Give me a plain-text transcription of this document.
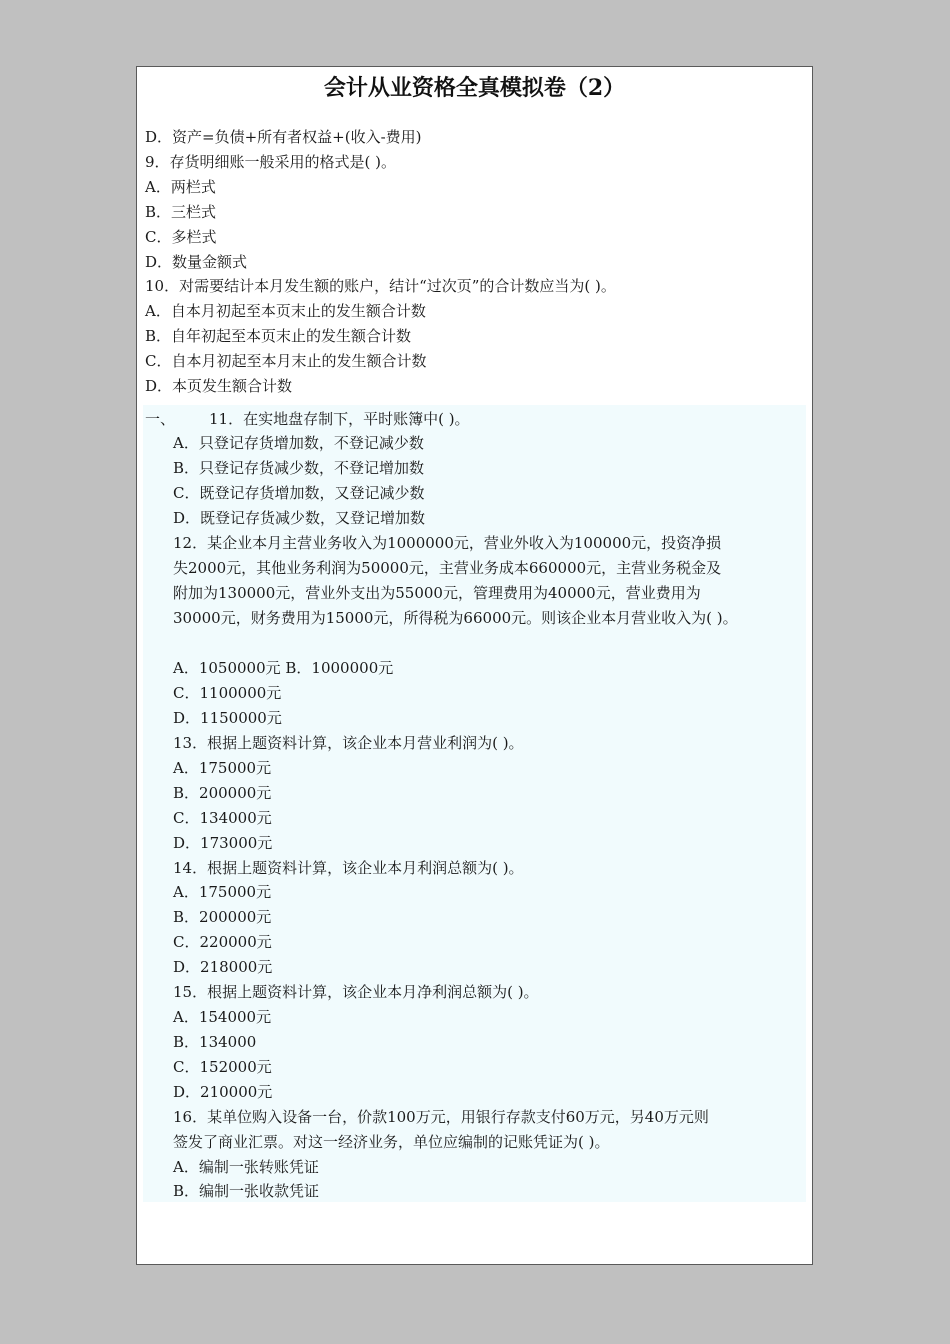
会计从业资格全真模拟卷（2）
D．资产=负债+所有者权益+(收入-费用)
9．存货明细账一般采用的格式是( )。
A．两栏式
B．三栏式
C．多栏式
D．数量金额式
10．对需要结计本月发生额的账户，结计“过次页”的合计数应当为( )。
A．自本月初起至本页末止的发生额合计数
B．自年初起至本页末止的发生额合计数
C．自本月初起至本月末止的发生额合计数
D．本页发生额合计数
一、 11．在实地盘存制下，平时账簿中( )。
A．只登记存货增加数，不登记减少数
B．只登记存货减少数，不登记增加数
C．既登记存货增加数，又登记减少数
D．既登记存货减少数，又登记增加数
12．某企业本月主营业务收入为1000000元，营业外收入为100000元，投资净损
失2000元，其他业务利润为50000元，主营业务成本660000元，主营业务税金及
附加为130000元，营业外支出为55000元，管理费用为40000元，营业费用为
30000元，财务费用为15000元，所得税为66000元。则该企业本月营业收入为( )。
A．1050000元 B．1000000元
C．1100000元
D．1150000元
13．根据上题资料计算，该企业本月营业利润为( )。
A．175000元
B．200000元
C．134000元
D．173000元
14．根据上题资料计算，该企业本月利润总额为( )。
A．175000元
B．200000元
C．220000元
D．218000元
15．根据上题资料计算，该企业本月净利润总额为( )。
A．154000元
B．134000
C．152000元
D．210000元
16．某单位购入设备一台，价款100万元，用银行存款支付60万元，另40万元则
签发了商业汇票。对这一经济业务，单位应编制的记账凭证为( )。
A．编制一张转账凭证
B．编制一张收款凭证
